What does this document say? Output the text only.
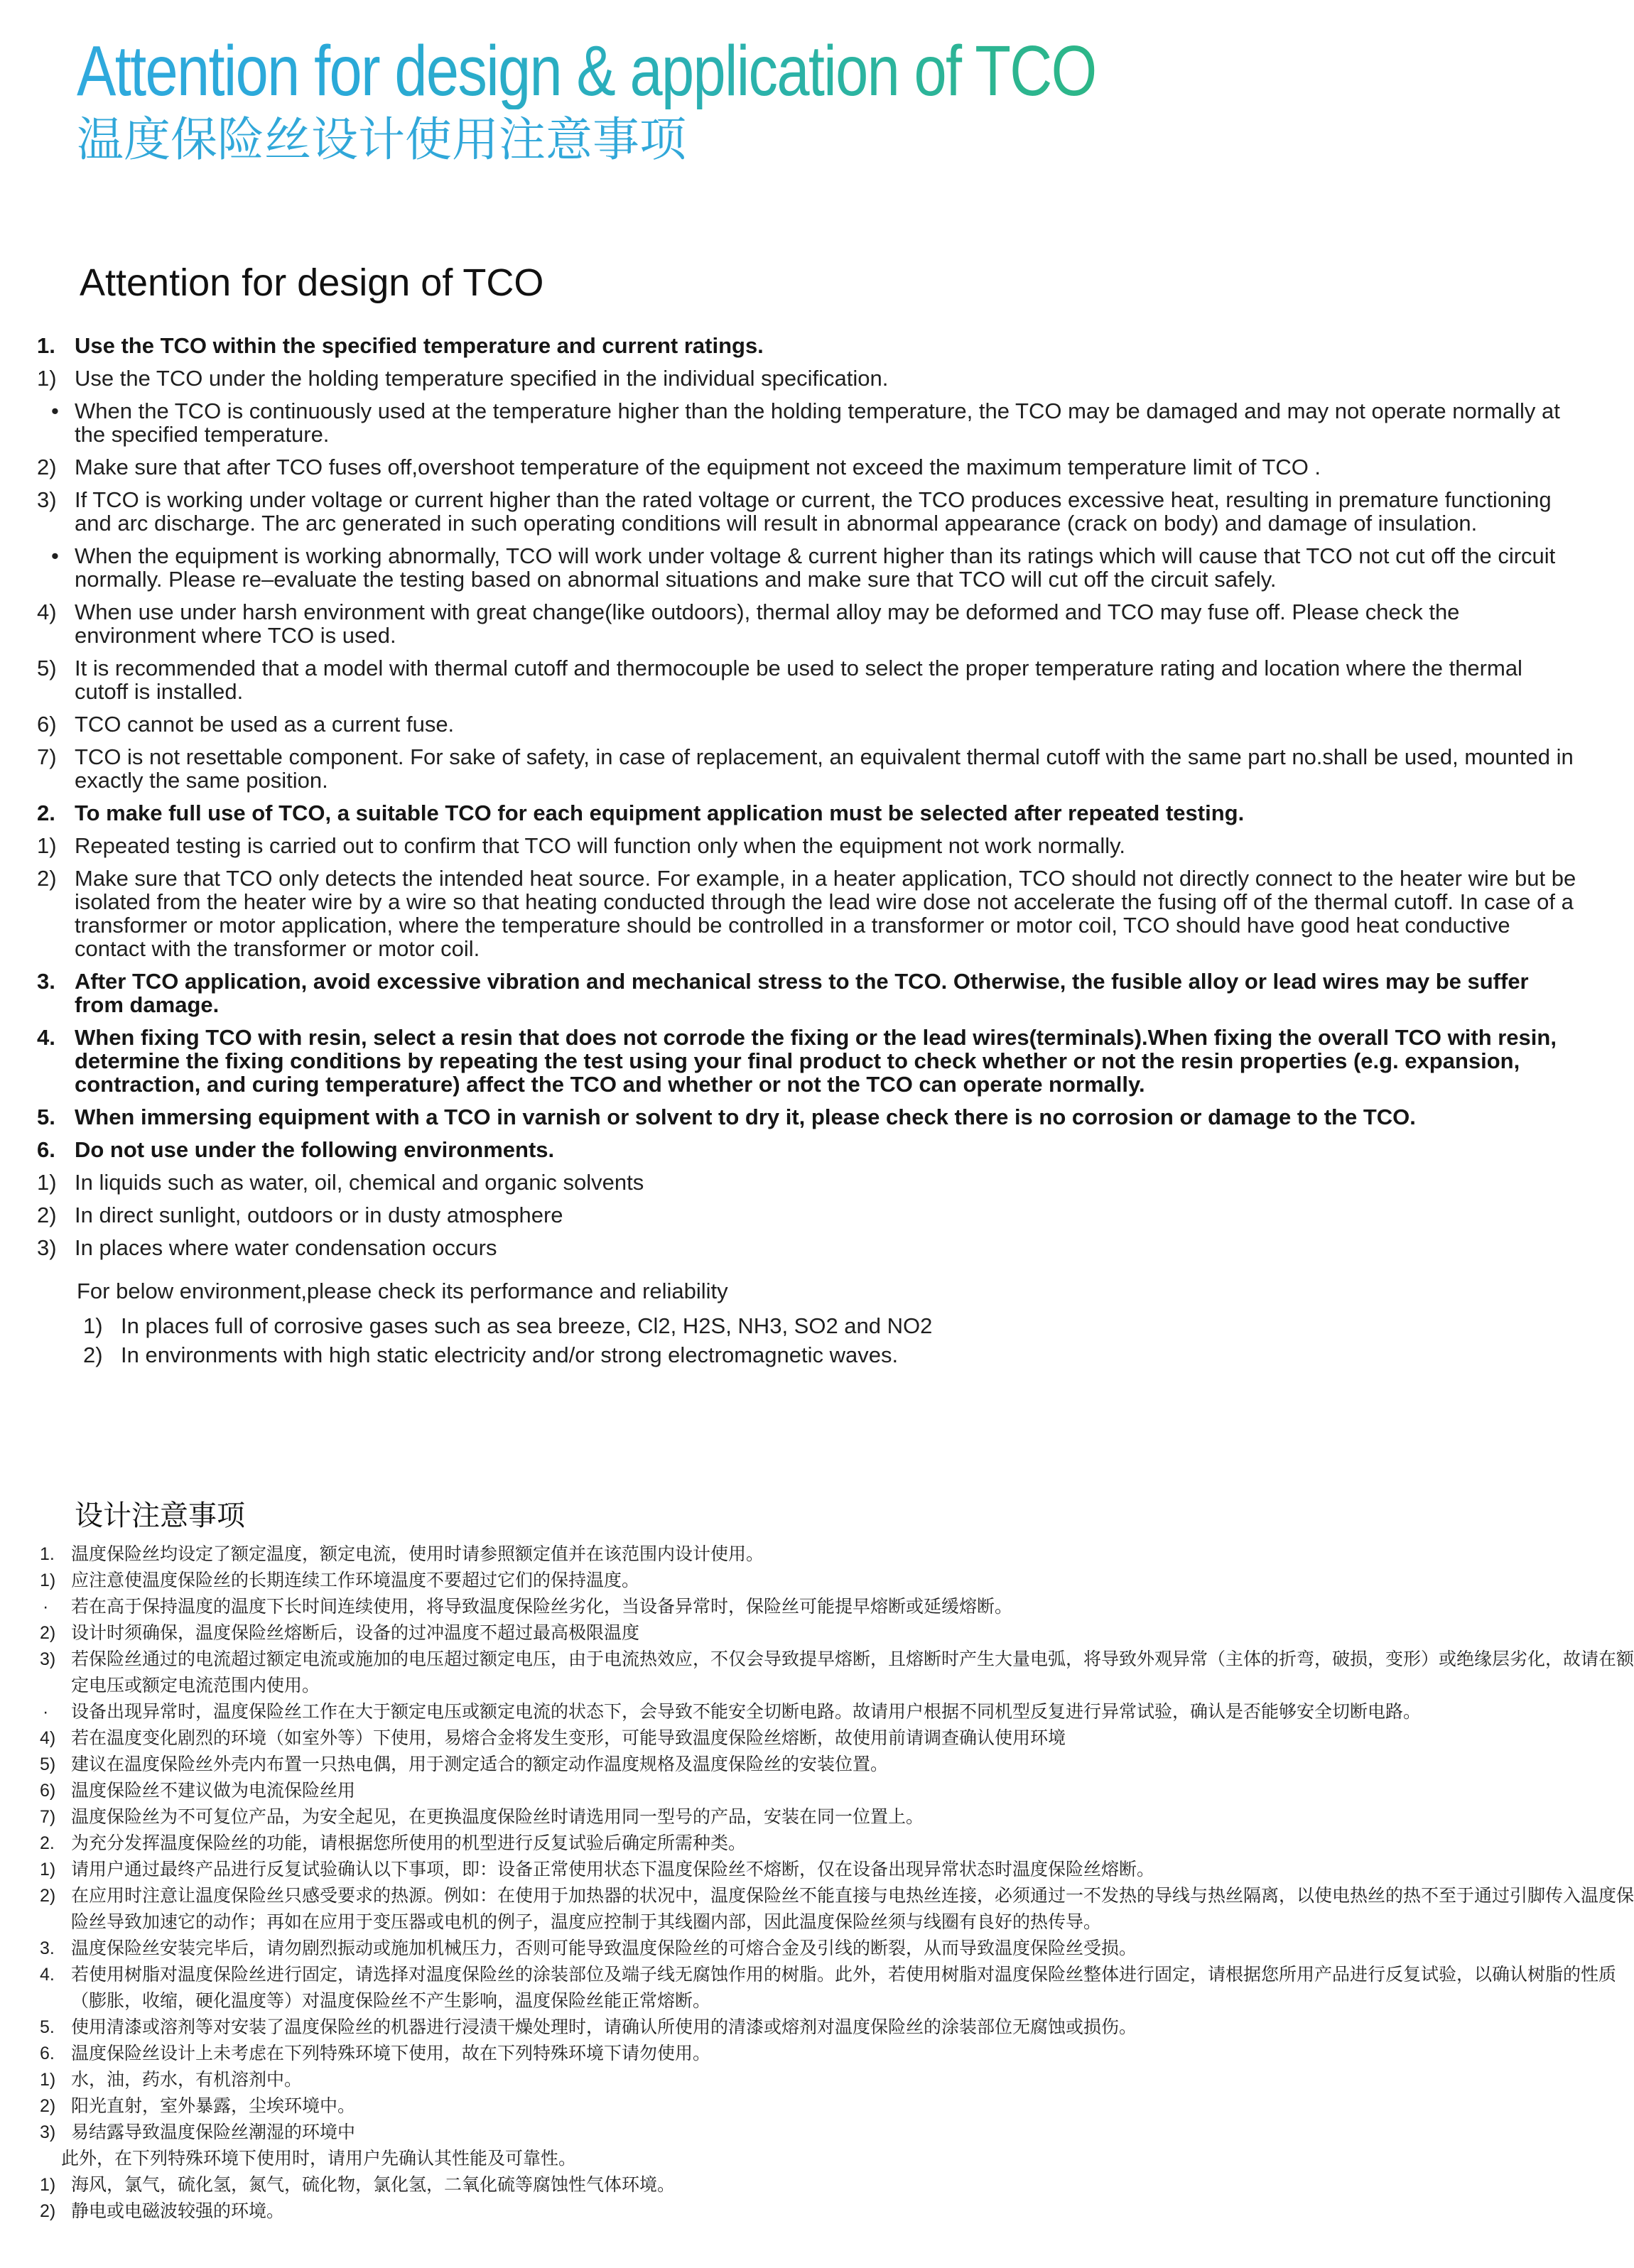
Attention for design & application of TCO
温度保险丝设计使用注意事项
Attention for design of TCO
1. Use the TCO within the specified temperature and current ratings.
1) Use the TCO under the holding temperature specified in the individual specification.
• When the TCO is continuously used at the temperature higher than the holding temperature, the TCO may be damaged and may not operate normally at the specified temperature.
2) Make sure that after TCO fuses off,overshoot temperature of the equipment not exceed the maximum temperature limit of TCO .
3) If TCO is working under voltage or current higher than the rated voltage or current, the TCO produces excessive heat, resulting in premature functioning and arc discharge. The arc generated in such operating conditions will result in abnormal appearance (crack on body) and damage of insulation.
• When the equipment is working abnormally, TCO will work under voltage & current higher than its ratings which will cause that TCO not cut off the circuit normally. Please re–evaluate the testing based on abnormal situations and make sure that TCO will cut off the circuit safely.
4) When use under harsh environment with great change(like outdoors), thermal alloy may be deformed and TCO may fuse off. Please check the environment where TCO is used.
5) It is recommended that a model with thermal cutoff and thermocouple be used to select the proper temperature rating and location where the thermal cutoff is installed.
6) TCO cannot be used as a current fuse.
7) TCO is not resettable component. For sake of safety, in case of replacement, an equivalent thermal cutoff with the same part no.shall be used, mounted in exactly the same position.
2. To make full use of TCO, a suitable TCO for each equipment application must be selected after repeated testing.
1) Repeated testing is carried out to confirm that TCO will function only when the equipment not work normally.
2) Make sure that TCO only detects the intended heat source. For example, in a heater application, TCO should not directly connect to the heater wire but be isolated from the heater wire by a wire so that heating conducted through the lead wire dose not accelerate the fusing off of the thermal cutoff. In case of a transformer or motor application, where the temperature should be controlled in a transformer or motor coil, TCO should have good heat conductive contact with the transformer or motor coil.
3. After TCO application, avoid excessive vibration and mechanical stress to the TCO. Otherwise, the fusible alloy or lead wires may be suffer from damage.
4. When fixing TCO with resin, select a resin that does not corrode the fixing or the lead wires(terminals).When fixing the overall TCO with resin, determine the fixing conditions by repeating the test using your final product to check whether or not the resin properties (e.g. expansion, contraction, and curing temperature) affect the TCO and whether or not the TCO can operate normally.
5. When immersing equipment with a TCO in varnish or solvent to dry it, please check there is no corrosion or damage to the TCO.
6. Do not use under the following environments.
1) In liquids such as water, oil, chemical and organic solvents
2) In direct sunlight, outdoors or in dusty atmosphere
3) In places where water condensation occurs
For below environment,please check its performance and reliability
1) In places full of corrosive gases such as sea breeze, Cl2, H2S, NH3, SO2 and NO2
2) In environments with high static electricity and/or strong electromagnetic waves.
设计注意事项
1. 温度保险丝均设定了额定温度，额定电流，使用时请参照额定值并在该范围内设计使用。
1) 应注意使温度保险丝的长期连续工作环境温度不要超过它们的保持温度。
· 若在高于保持温度的温度下长时间连续使用，将导致温度保险丝劣化，当设备异常时，保险丝可能提早熔断或延缓熔断。
2) 设计时须确保，温度保险丝熔断后，设备的过冲温度不超过最高极限温度
3) 若保险丝通过的电流超过额定电流或施加的电压超过额定电压，由于电流热效应，不仅会导致提早熔断，且熔断时产生大量电弧，将导致外观异常（主体的折弯，破损，变形）或绝缘层劣化，故请在额定电压或额定电流范围内使用。
· 设备出现异常时，温度保险丝工作在大于额定电压或额定电流的状态下，会导致不能安全切断电路。故请用户根据不同机型反复进行异常试验，确认是否能够安全切断电路。
4) 若在温度变化剧烈的环境（如室外等）下使用，易熔合金将发生变形，可能导致温度保险丝熔断，故使用前请调查确认使用环境
5) 建议在温度保险丝外壳内布置一只热电偶，用于测定适合的额定动作温度规格及温度保险丝的安装位置。
6) 温度保险丝不建议做为电流保险丝用
7) 温度保险丝为不可复位产品，为安全起见，在更换温度保险丝时请选用同一型号的产品，安装在同一位置上。
2. 为充分发挥温度保险丝的功能，请根据您所使用的机型进行反复试验后确定所需种类。
1) 请用户通过最终产品进行反复试验确认以下事项，即：设备正常使用状态下温度保险丝不熔断，仅在设备出现异常状态时温度保险丝熔断。
2) 在应用时注意让温度保险丝只感受要求的热源。例如：在使用于加热器的状况中，温度保险丝不能直接与电热丝连接，必须通过一不发热的导线与热丝隔离，以使电热丝的热不至于通过引脚传入温度保险丝导致加速它的动作；再如在应用于变压器或电机的例子，温度应控制于其线圈内部，因此温度保险丝须与线圈有良好的热传导。
3. 温度保险丝安装完毕后，请勿剧烈振动或施加机械压力，否则可能导致温度保险丝的可熔合金及引线的断裂，从而导致温度保险丝受损。
4. 若使用树脂对温度保险丝进行固定，请选择对温度保险丝的涂装部位及端子线无腐蚀作用的树脂。此外，若使用树脂对温度保险丝整体进行固定，请根据您所用产品进行反复试验，以确认树脂的性质（膨胀，收缩，硬化温度等）对温度保险丝不产生影响，温度保险丝能正常熔断。
5. 使用清漆或溶剂等对安装了温度保险丝的机器进行浸渍干燥处理时，请确认所使用的清漆或熔剂对温度保险丝的涂装部位无腐蚀或损伤。
6. 温度保险丝设计上未考虑在下列特殊环境下使用，故在下列特殊环境下请勿使用。
1) 水，油，药水，有机溶剂中。
2) 阳光直射，室外暴露，尘埃环境中。
3) 易结露导致温度保险丝潮湿的环境中
此外，在下列特殊环境下使用时，请用户先确认其性能及可靠性。
1) 海风，氯气，硫化氢，氮气，硫化物，氯化氢，二氧化硫等腐蚀性气体环境。
2) 静电或电磁波较强的环境。
